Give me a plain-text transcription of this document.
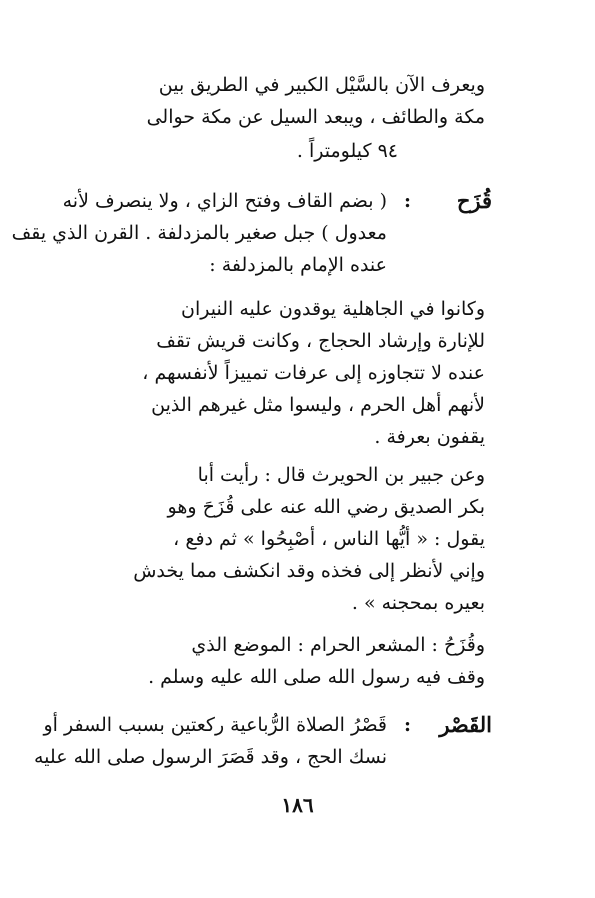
ويعرف الآن بالسَّيْل الكبير في الطريق بين
مكة والطائف ، ويبعد السيل عن مكة حوالى
٩٤ كيلومتراً .
قُزَح
:
( بضم القاف وفتح الزاي ، ولا ينصرف لأنه
معدول ) جبل صغير بالمزدلفة . القرن الذي يقف
عنده الإمام بالمزدلفة :
وكانوا في الجاهلية يوقدون عليه النيران
للإنارة وإرشاد الحجاج ، وكانت قريش تقف
عنده لا تتجاوزه إلى عرفات تمييزاً لأنفسهم ،
لأنهم أهل الحرم ، وليسوا مثل غيرهم الذين
يقفون بعرفة .
وعن جبير بن الحويرث قال : رأيت أبا
بكر الصديق رضي الله عنه على قُزَحَ وهو
يقول : « أيُّها الناس ، أصْبِحُوا » ثم دفع ،
وإني لأنظر إلى فخذه وقد انكشف مما يخدش
بعيره بمحجنه » .
وقُزَحُ : المشعر الحرام : الموضع الذي
وقف فيه رسول الله صلى الله عليه وسلم .
القَصْر
:
قَصْرُ الصلاة الرُّباعية ركعتين بسبب السفر أو
نسك الحج ، وقد قَصَرَ الرسول صلى الله عليه
١٨٦
